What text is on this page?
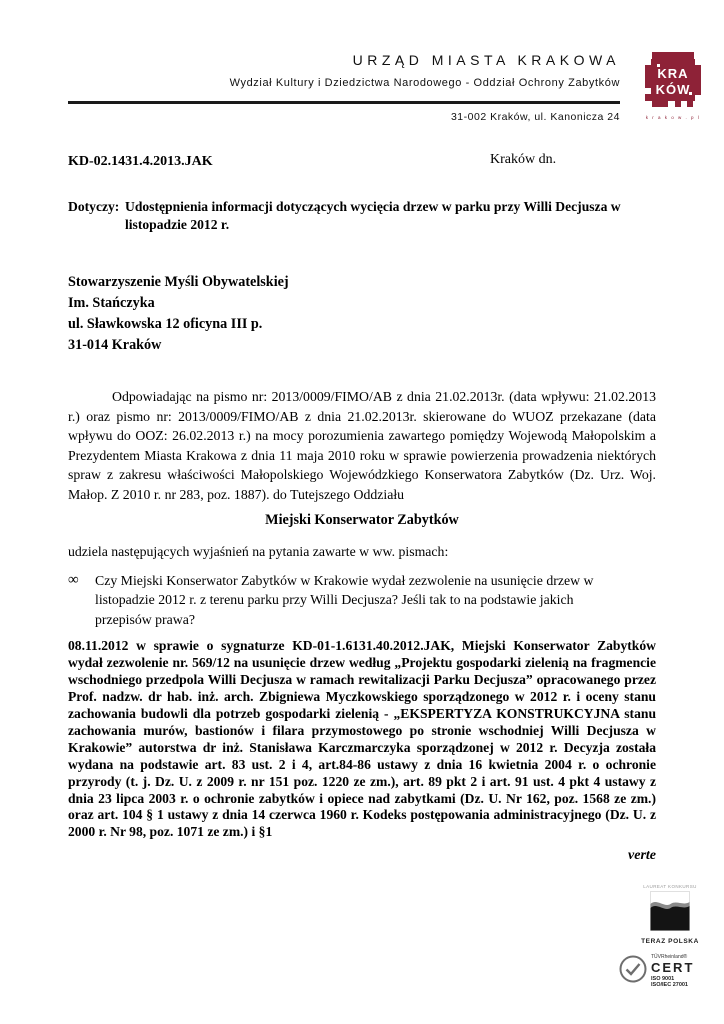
URZĄD MIASTA KRAKOWA
Wydział Kultury i Dziedzictwa Narodowego - Oddział Ochrony Zabytków
KRA
KÓW
k r a k o w . p l
31-002 Kraków, ul. Kanonicza 24
KD-02.1431.4.2013.JAK	Kraków dn.
Dotyczy: Udostępnienia informacji dotyczących wycięcia drzew w parku przy Willi Decjusza w listopadzie 2012 r.
Stowarzyszenie Myśli Obywatelskiej
Im. Stańczyka
ul. Sławkowska 12 oficyna III p.
31-014 Kraków
Odpowiadając na pismo nr: 2013/0009/FIMO/AB z dnia 21.02.2013r. (data wpływu: 21.02.2013 r.) oraz pismo nr: 2013/0009/FIMO/AB z dnia 21.02.2013r. skierowane do WUOZ przekazane (data wpływu do OOZ: 26.02.2013 r.) na mocy porozumienia zawartego pomiędzy Wojewodą Małopolskim a Prezydentem Miasta Krakowa z dnia 11 maja 2010 roku w sprawie powierzenia prowadzenia niektórych spraw z zakresu właściwości Małopolskiego Wojewódzkiego Konserwatora Zabytków (Dz. Urz. Woj. Małop. Z 2010 r. nr 283, poz. 1887). do Tutejszego Oddziału
Miejski Konserwator Zabytków
udziela następujących wyjaśnień na pytania zawarte w ww. pismach:
∞	Czy Miejski Konserwator Zabytków w Krakowie wydał zezwolenie na usunięcie drzew w listopadzie 2012 r. z terenu parku przy Willi Decjusza? Jeśli tak to na podstawie jakich przepisów prawa?
08.11.2012 w sprawie o sygnaturze KD-01-1.6131.40.2012.JAK, Miejski Konserwator Zabytków wydał zezwolenie nr. 569/12 na usunięcie drzew według „Projektu gospodarki zielenią na fragmencie wschodniego przedpola Willi Decjusza w ramach rewitalizacji Parku Decjusza” opracowanego przez Prof. nadzw. dr hab. inż. arch. Zbigniewa Myczkowskiego sporządzonego w 2012 r. i oceny stanu zachowania budowli dla potrzeb gospodarki zielenią - „EKSPERTYZA KONSTRUKCYJNA stanu zachowania murów, bastionów i filara przymostowego po stronie wschodniej Willi Decjusza w Krakowie” autorstwa dr inż. Stanisława Karczmarczyka sporządzonej w 2012 r. Decyzja została wydana na podstawie art. 83 ust. 2 i 4, art.84-86 ustawy z dnia 16 kwietnia 2004 r. o ochronie przyrody (t. j. Dz. U. z 2009 r. nr 151 poz. 1220 ze zm.), art. 89 pkt 2 i art. 91 ust. 4 pkt 4 ustawy z dnia 23 lipca 2003 r. o ochronie zabytków i opiece nad zabytkami (Dz. U. Nr 162, poz. 1568 ze zm.) oraz art. 104 § 1 ustawy z dnia 14 czerwca 1960 r. Kodeks postępowania administracyjnego (Dz. U. z 2000 r. Nr 98, poz. 1071 ze zm.) i §1
verte
LAUREAT KONKURSU
TERAZ POLSKA
TÜVRheinland®
CERT
ISO 9001
ISO/IEC 27001
